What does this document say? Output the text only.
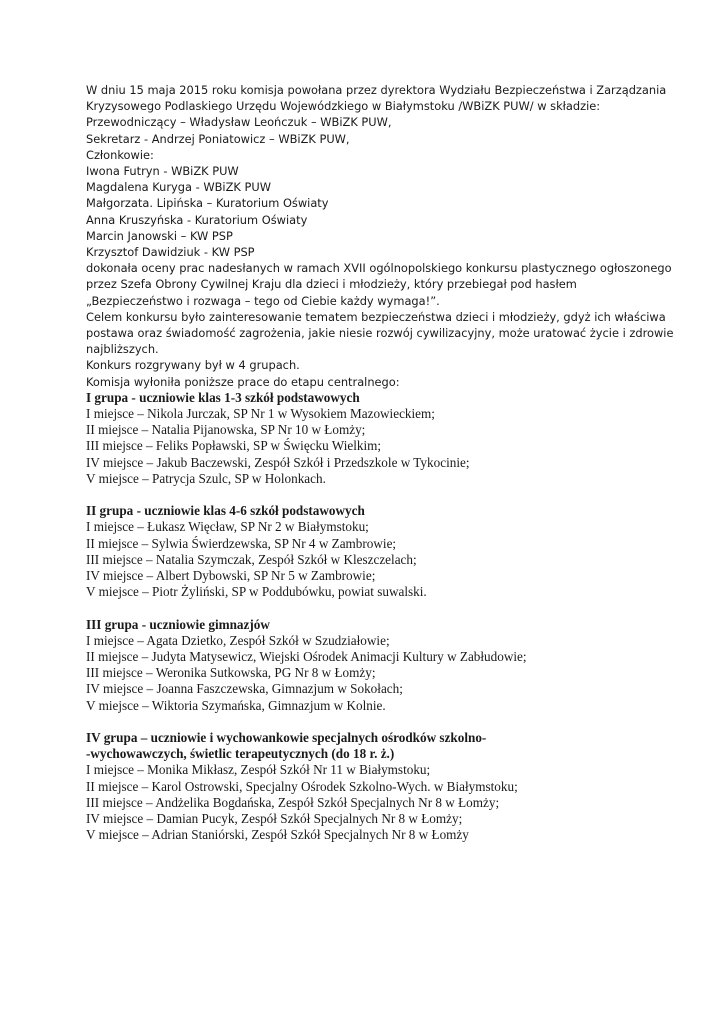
W dniu 15 maja 2015 roku komisja powołana przez dyrektora Wydziału Bezpieczeństwa i Zarządzania
Kryzysowego Podlaskiego Urzędu Wojewódzkiego w Białymstoku /WBiZK PUW/ w składzie:

Przewodniczący – Władysław Leończuk – WBiZK PUW,
Sekretarz - Andrzej Poniatowicz – WBiZK PUW,
Członkowie:
Iwona Futryn - WBiZK PUW
Magdalena Kuryga - WBiZK PUW
Małgorzata. Lipińska – Kuratorium Oświaty
Anna Kruszyńska - Kuratorium Oświaty
Marcin Janowski – KW PSP
Krzysztof Dawidziuk - KW PSP

dokonała oceny prac nadesłanych w ramach XVII ogólnopolskiego konkursu plastycznego ogłoszonego
przez Szefa Obrony Cywilnej Kraju dla dzieci i młodzieży, który przebiegał pod hasłem
„Bezpieczeństwo i rozwaga – tego od Ciebie każdy wymaga!”.
Celem konkursu było zainteresowanie tematem bezpieczeństwa dzieci i młodzieży, gdyż ich właściwa
postawa oraz świadomość zagrożenia, jakie niesie rozwój cywilizacyjny, może uratować życie i zdrowie
najbliższych.

Konkurs rozgrywany był w 4 grupach.
Komisja wyłoniła poniższe prace do etapu centralnego:

I grupa - uczniowie klas 1-3 szkół podstawowych
I miejsce – Nikola Jurczak, SP Nr 1 w Wysokiem Mazowieckiem;
II miejsce – Natalia Pijanowska, SP Nr 10 w Łomży;
III miejsce – Feliks Popławski, SP w Święcku Wielkim;
IV miejsce – Jakub Baczewski, Zespół Szkół i Przedszkole w Tykocinie;
V miejsce – Patrycja Szulc, SP w Holonkach.
II grupa - uczniowie klas 4-6 szkół podstawowych
I miejsce – Łukasz Więcław, SP Nr 2 w Białymstoku;
II miejsce – Sylwia Świerdzewska, SP Nr 4 w Zambrowie;
III miejsce – Natalia Szymczak, Zespół Szkół w Kleszczelach;
IV miejsce – Albert Dybowski, SP Nr 5 w Zambrowie;
V miejsce – Piotr Żyliński, SP w Poddubówku, powiat suwalski.
III grupa - uczniowie gimnazjów
I miejsce – Agata Dzietko, Zespół Szkół w Szudziałowie;
II miejsce – Judyta Matysewicz, Wiejski Ośrodek Animacji Kultury w Zabłudowie;
III miejsce – Weronika Sutkowska, PG Nr 8 w Łomży;
IV miejsce – Joanna Faszczewska, Gimnazjum w Sokołach;
V miejsce – Wiktoria Szymańska, Gimnazjum w Kolnie.
IV grupa – uczniowie i wychowankowie specjalnych ośrodków szkolno-
-wychowawczych, świetlic terapeutycznych (do 18 r. ż.)
I miejsce – Monika Mikłasz, Zespół Szkół Nr 11 w Białymstoku;
II miejsce – Karol Ostrowski, Specjalny Ośrodek Szkolno-Wych. w Białymstoku;
III miejsce – Andżelika Bogdańska, Zespół Szkół Specjalnych Nr 8 w Łomży;
IV miejsce – Damian Pucyk, Zespół Szkół Specjalnych Nr 8 w Łomży;
V miejsce – Adrian Staniórski, Zespół Szkół Specjalnych Nr 8 w Łomży
